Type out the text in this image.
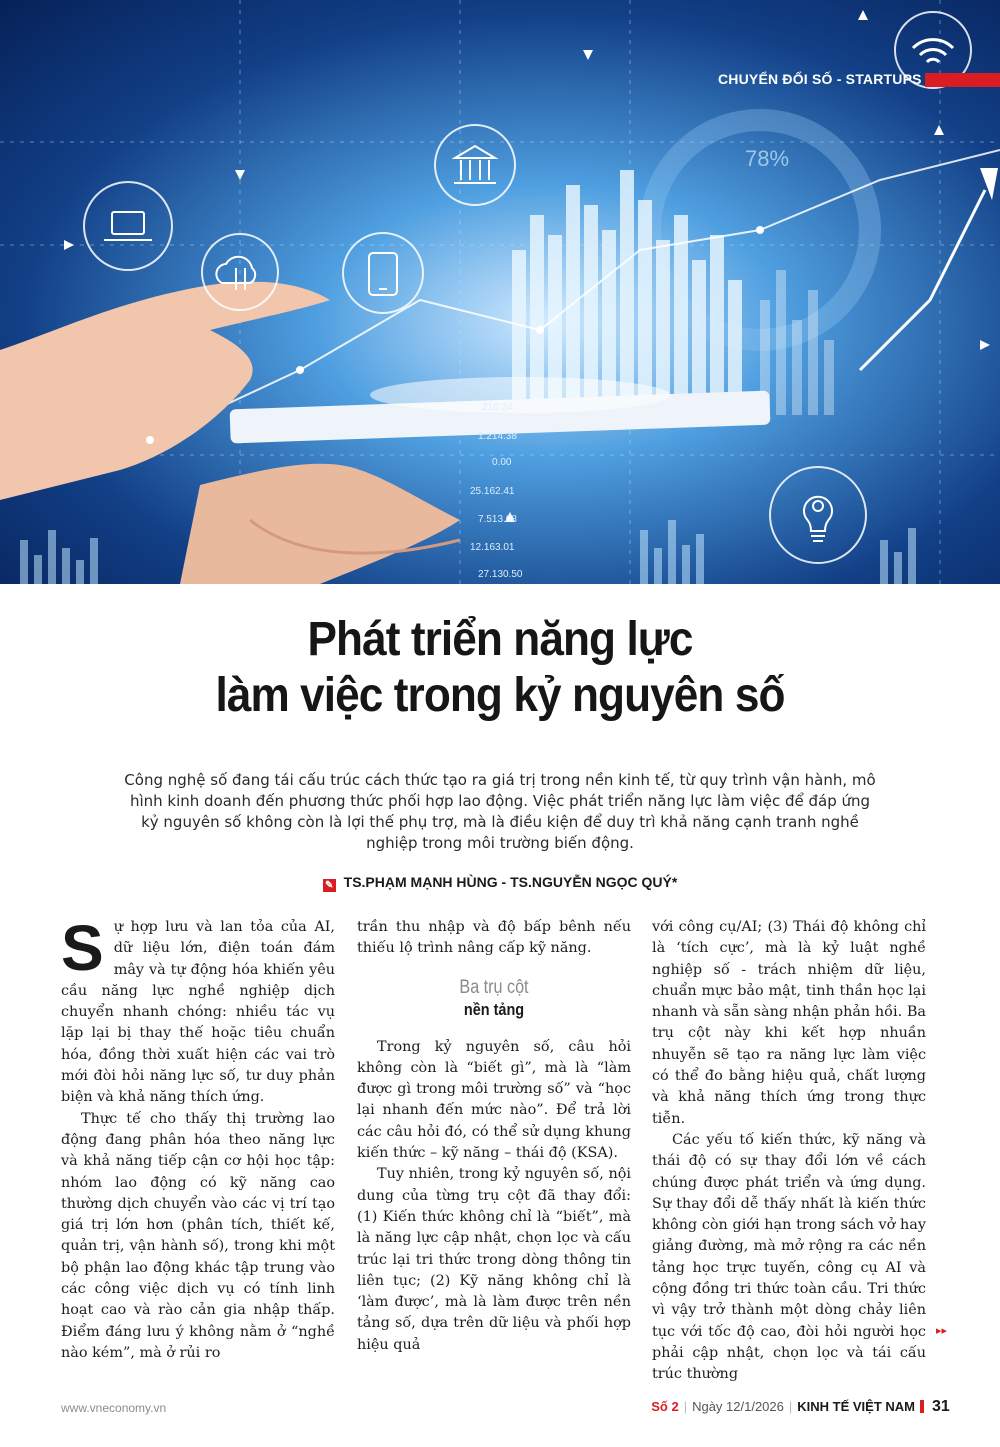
CHUYỂN ĐỔI SỐ - STARTUPS
78%
210.24
1.214.38
0.00
25.162.41
7.513.08
12.163.01
27.130.50
Phát triển năng lực
làm việc trong kỷ nguyên số
Công nghệ số đang tái cấu trúc cách thức tạo ra giá trị trong nền kinh tế, từ quy trình vận hành, mô hình kinh doanh đến phương thức phối hợp lao động. Việc phát triển năng lực làm việc để đáp ứng kỷ nguyên số không còn là lợi thế phụ trợ, mà là điều kiện để duy trì khả năng cạnh tranh nghề nghiệp trong môi trường biến động.
✎ TS.PHẠM MẠNH HÙNG - TS.NGUYỄN NGỌC QUÝ*

Sự hợp lưu và lan tỏa của AI, dữ liệu lớn, điện toán đám mây và tự động hóa khiến yêu cầu năng lực nghề nghiệp dịch chuyển nhanh chóng: nhiều tác vụ lặp lại bị thay thế hoặc tiêu chuẩn hóa, đồng thời xuất hiện các vai trò mới đòi hỏi năng lực số, tư duy phản biện và khả năng thích ứng.

Thực tế cho thấy thị trường lao động đang phân hóa theo năng lực và khả năng tiếp cận cơ hội học tập: nhóm lao động có kỹ năng cao thường dịch chuyển vào các vị trí tạo giá trị lớn hơn (phân tích, thiết kế, quản trị, vận hành số), trong khi một bộ phận lao động khác tập trung vào các công việc dịch vụ có tính linh hoạt cao và rào cản gia nhập thấp. Điểm đáng lưu ý không nằm ở “nghề nào kém”, mà ở rủi ro

trần thu nhập và độ bấp bênh nếu thiếu lộ trình nâng cấp kỹ năng.

Ba trụ cột
nền tảng

Trong kỷ nguyên số, câu hỏi không còn là “biết gì”, mà là “làm được gì trong môi trường số” và “học lại nhanh đến mức nào”. Để trả lời các câu hỏi đó, có thể sử dụng khung kiến thức – kỹ năng – thái độ (KSA).

Tuy nhiên, trong kỷ nguyên số, nội dung của từng trụ cột đã thay đổi: (1) Kiến thức không chỉ là “biết”, mà là năng lực cập nhật, chọn lọc và cấu trúc lại tri thức trong dòng thông tin liên tục; (2) Kỹ năng không chỉ là ‘làm được’, mà là làm được trên nền tảng số, dựa trên dữ liệu và phối hợp hiệu quả

với công cụ/AI; (3) Thái độ không chỉ là ‘tích cực’, mà là kỷ luật nghề nghiệp số - trách nhiệm dữ liệu, chuẩn mực bảo mật, tinh thần học lại nhanh và sẵn sàng nhận phản hồi. Ba trụ cột này khi kết hợp nhuần nhuyễn sẽ tạo ra năng lực làm việc có thể đo bằng hiệu quả, chất lượng và khả năng thích ứng trong thực tiễn.

Các yếu tố kiến thức, kỹ năng và thái độ có sự thay đổi lớn về cách chúng được phát triển và ứng dụng. Sự thay đổi dễ thấy nhất là kiến thức không còn giới hạn trong sách vở hay giảng đường, mà mở rộng ra các nền tảng học trực tuyến, công cụ AI và cộng đồng tri thức toàn cầu. Tri thức vì vậy trở thành một dòng chảy liên tục với tốc độ cao, đòi hỏi người học phải cập nhật, chọn lọc và tái cấu trúc thường

▸▸
www.vneconomy.vn	Số 2 | Ngày 12/1/2026 | KINH TẾ VIỆT NAM	31
